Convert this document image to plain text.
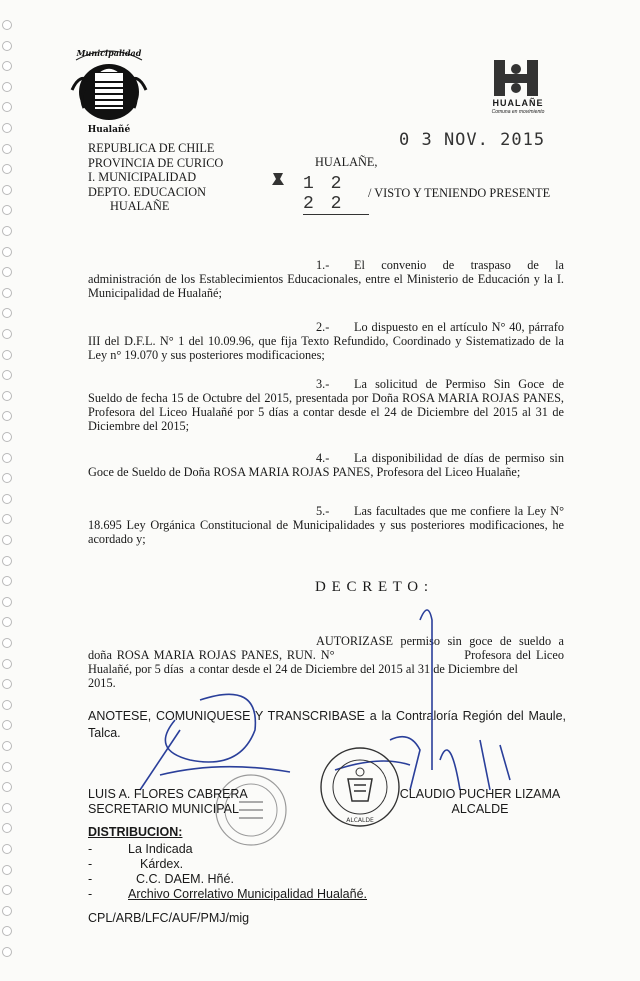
Municipalidad
Hualañé
HUALAÑE
Comuna en movimiento
REPUBLICA DE CHILE
PROVINCIA DE CURICO
I. MUNICIPALIDAD
DEPTO. EDUCACION
HUALAÑE
0 3 NOV. 2015
HUALAÑE,
1 2 2 2
/ VISTO Y TENIENDO PRESENTE
1.- El convenio de traspaso de la administración de los Establecimientos Educacionales, entre el Ministerio de Educación y la I. Municipalidad de Hualañé;
2.- Lo dispuesto en el artículo N° 40, párrafo III del D.F.L. N° 1 del 10.09.96, que fija Texto Refundido, Coordinado y Sistematizado de la Ley n° 19.070 y sus posteriores modificaciones;
3.- La solicitud de Permiso Sin Goce de Sueldo de fecha 15 de Octubre del 2015, presentada por Doña ROSA MARIA ROJAS PANES, Profesora del Liceo Hualañé por 5 días a contar desde el 24 de Diciembre del 2015 al 31 de Diciembre del 2015;
4.- La disponibilidad de días de permiso sin Goce de Sueldo de Doña ROSA MARIA ROJAS PANES, Profesora del Liceo Hualañe;
5.- Las facultades que me confiere la Ley N° 18.695 Ley Orgánica Constitucional de Municipalidades y sus posteriores modificaciones, he acordado y;
D E C R E T O :
AUTORIZASE permiso sin goce de sueldo a
doña ROSA MARIA ROJAS PANES, RUN. N°                           Profesora del Liceo
Hualañé, por 5 días  a contar desde el 24 de Diciembre del 2015 al 31 de Diciembre del
2015.
ANOTESE, COMUNIQUESE Y TRANSCRIBASE a la Contraloría Región del Maule, Talca.
ALCALDE
LUIS A. FLORES CABRERA
SECRETARIO MUNICIPAL
CLAUDIO PUCHER LIZAMA
ALCALDE
DISTRIBUCION:
-	La Indicada
-	Kárdex.
-	C.C. DAEM. Hñé.
-	Archivo Correlativo Municipalidad Hualañé.
CPL/ARB/LFC/AUF/PMJ/mig
